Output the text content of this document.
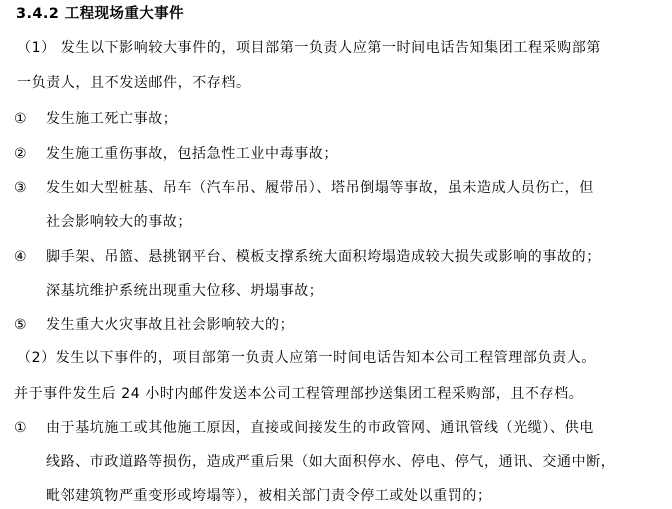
3.4.2 工程现场重大事件
（1） 发生以下影响较大事件的，项目部第一负责人应第一时间电话告知集团工程采购部第
一负责人，且不发送邮件，不存档。
① 发生施工死亡事故；
② 发生施工重伤事故，包括急性工业中毒事故；
③ 发生如大型桩基、吊车（汽车吊、履带吊）、塔吊倒塌等事故，虽未造成人员伤亡，但
社会影响较大的事故；
④ 脚手架、吊篮、悬挑钢平台、模板支撑系统大面积垮塌造成较大损失或影响的事故的；
深基坑维护系统出现重大位移、坍塌事故；
⑤ 发生重大火灾事故且社会影响较大的；
（2）发生以下事件的，项目部第一负责人应第一时间电话告知本公司工程管理部负责人。
并于事件发生后 24 小时内邮件发送本公司工程管理部抄送集团工程采购部，且不存档。
① 由于基坑施工或其他施工原因，直接或间接发生的市政管网、通讯管线（光缆）、供电
线路、市政道路等损伤，造成严重后果（如大面积停水、停电、停气，通讯、交通中断，
毗邻建筑物严重变形或垮塌等），被相关部门责令停工或处以重罚的；
